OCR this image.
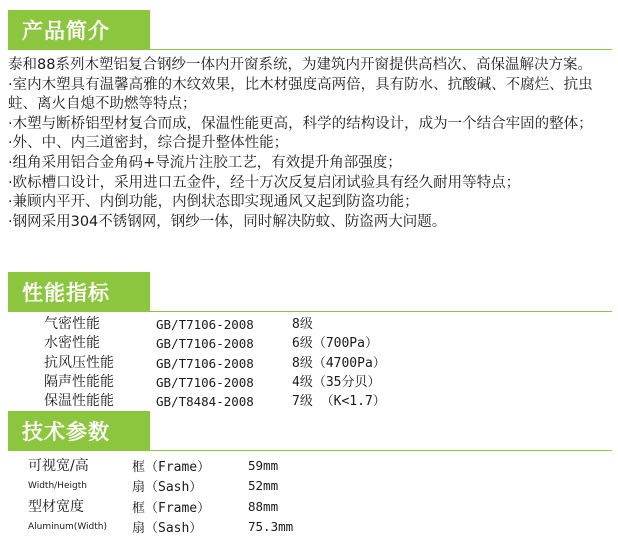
产品简介

泰和88系列木塑铝复合钢纱一体内开窗系统，为建筑内开窗提供高档次、高保温解决方案。

·室内木塑具有温馨高雅的木纹效果，比木材强度高两倍，具有防水、抗酸碱、不腐烂、抗虫蛀、离火自熄不助燃等特点；

·木塑与断桥铝型材复合而成，保温性能更高，科学的结构设计，成为一个结合牢固的整体；

·外、中、内三道密封，综合提升整体性能；

·组角采用铝合金角码+导流片注胶工艺，有效提升角部强度；

·欧标槽口设计，采用进口五金件，经十万次反复启闭试验具有经久耐用等特点；

·兼顾内平开、内倒功能，内倒状态即实现通风又起到防盗功能；

·钢网采用304不锈钢网，钢纱一体，同时解决防蚊、防盗两大问题。

性能指标
气密性能	GB/T7106-2008	8级
水密性能	GB/T7106-2008	6级（700Pa）
抗风压性能	GB/T7106-2008	8级（4700Pa）
隔声性能能	GB/T7106-2008	4级（35分贝）
保温性能能	GB/T8484-2008	7级 （K<1.7）
技术参数
可视宽/高	框（Frame）	59mm
Width/Heigth	扇（Sash）	52mm
型材宽度	框（Frame）	88mm
Aluminum(Width)	扇（Sash）	75.3mm
